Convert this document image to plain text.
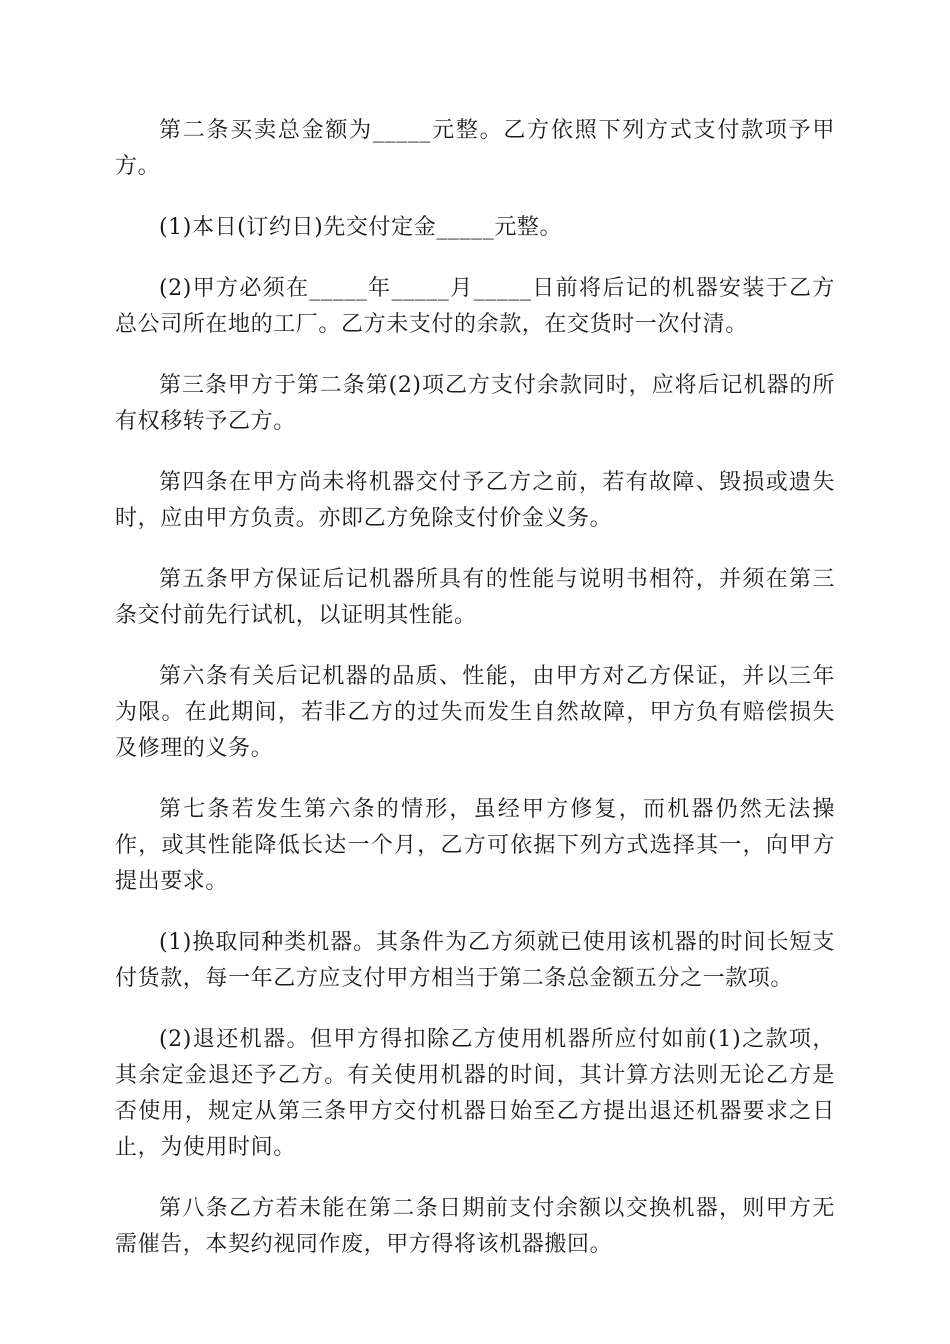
第二条买卖总金额为_____元整。乙方依照下列方式支付款项予甲方。

(1)本日(订约日)先交付定金_____元整。

(2)甲方必须在_____年_____月_____日前将后记的机器安装于乙方总公司所在地的工厂。乙方未支付的余款，在交货时一次付清。

第三条甲方于第二条第(2)项乙方支付余款同时，应将后记机器的所有权移转予乙方。

第四条在甲方尚未将机器交付予乙方之前，若有故障、毁损或遗失时，应由甲方负责。亦即乙方免除支付价金义务。

第五条甲方保证后记机器所具有的性能与说明书相符，并须在第三条交付前先行试机，以证明其性能。

第六条有关后记机器的品质、性能，由甲方对乙方保证，并以三年为限。在此期间，若非乙方的过失而发生自然故障，甲方负有赔偿损失及修理的义务。

第七条若发生第六条的情形，虽经甲方修复，而机器仍然无法操作，或其性能降低长达一个月，乙方可依据下列方式选择其一，向甲方提出要求。

(1)换取同种类机器。其条件为乙方须就已使用该机器的时间长短支付货款，每一年乙方应支付甲方相当于第二条总金额五分之一款项。

(2)退还机器。但甲方得扣除乙方使用机器所应付如前(1)之款项，其余定金退还予乙方。有关使用机器的时间，其计算方法则无论乙方是否使用，规定从第三条甲方交付机器日始至乙方提出退还机器要求之日止，为使用时间。

第八条乙方若未能在第二条日期前支付余额以交换机器，则甲方无需催告，本契约视同作废，甲方得将该机器搬回。
